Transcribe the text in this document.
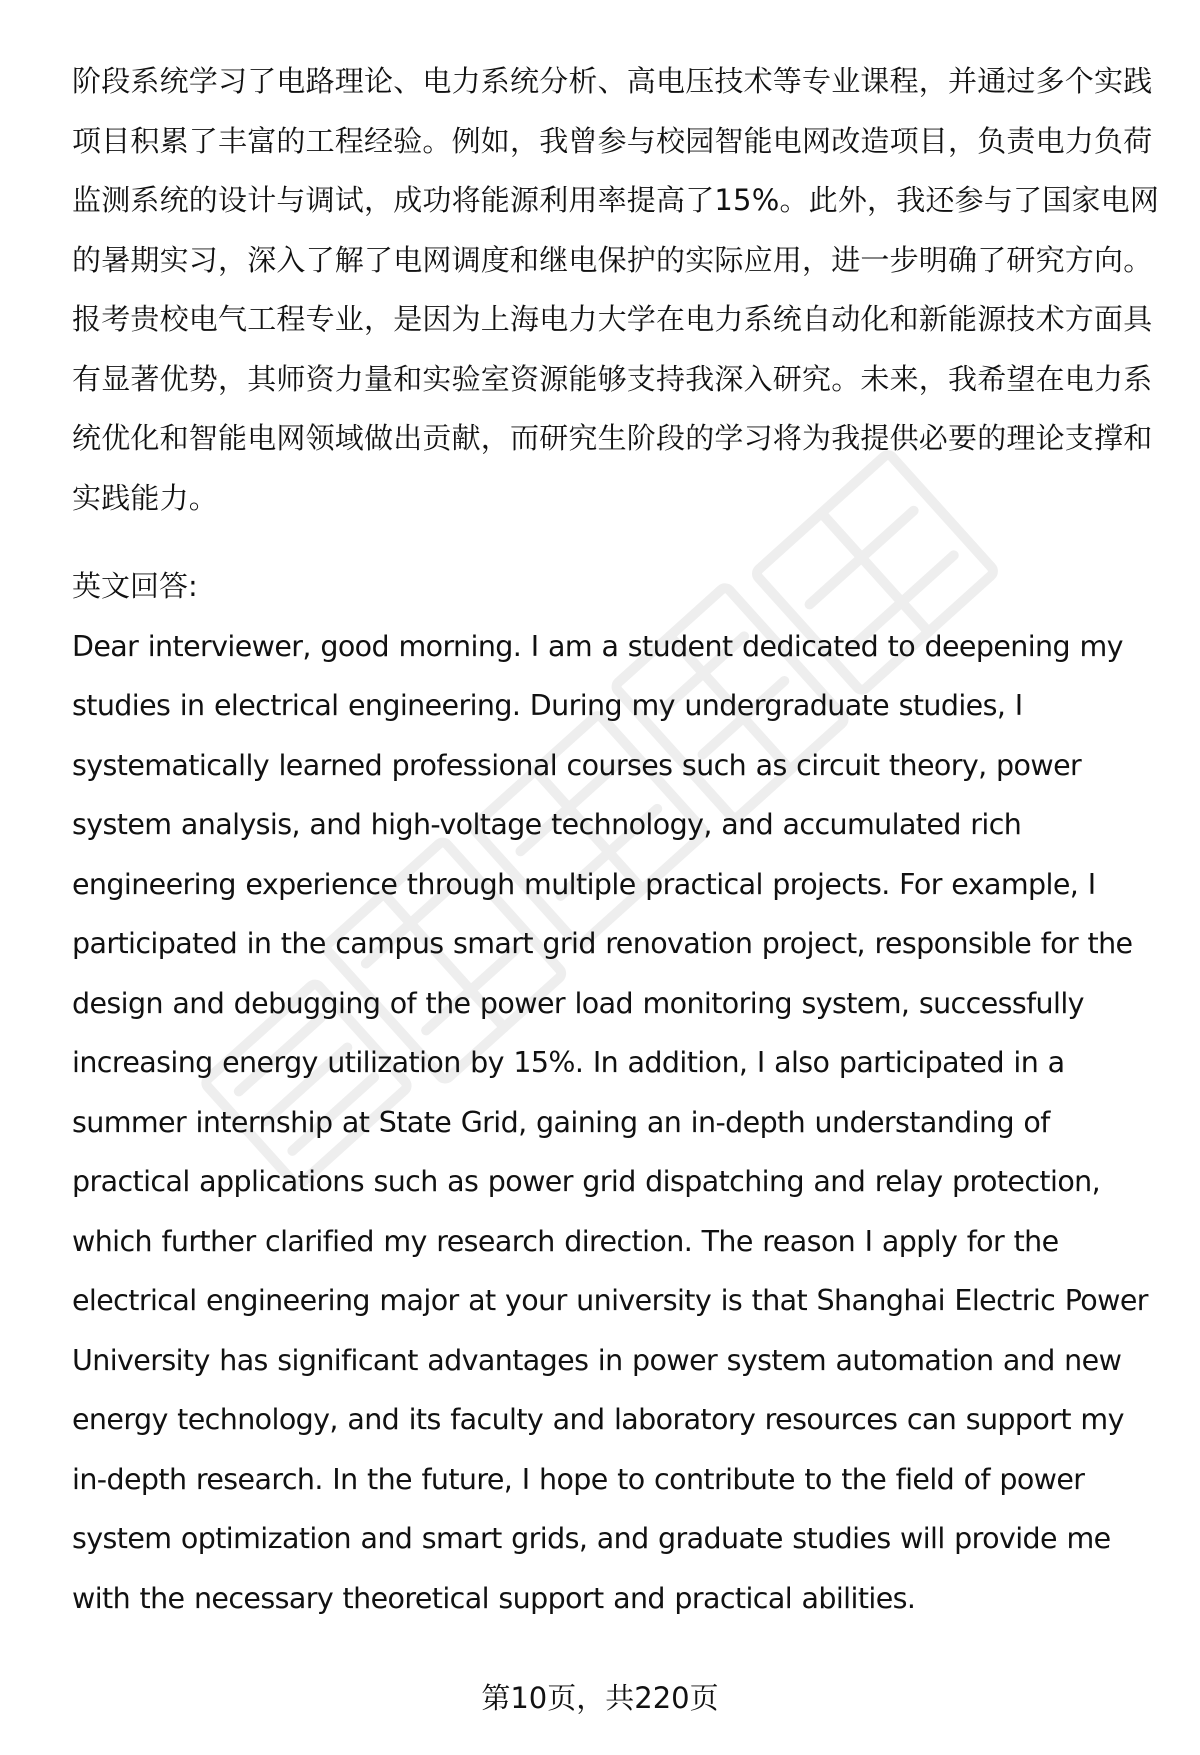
阶段系统学习了电路理论、电力系统分析、高电压技术等专业课程，并通过多个实践项目积累了丰富的工程经验。例如，我曾参与校园智能电网改造项目，负责电力负荷监测系统的设计与调试，成功将能源利用率提高了15%。此外，我还参与了国家电网的暑期实习，深入了解了电网调度和继电保护的实际应用，进一步明确了研究方向。报考贵校电气工程专业，是因为上海电力大学在电力系统自动化和新能源技术方面具有显著优势，其师资力量和实验室资源能够支持我深入研究。未来，我希望在电力系统优化和智能电网领域做出贡献，而研究生阶段的学习将为我提供必要的理论支撑和实践能力。

英文回答:

Dear interviewer, good morning. I am a student dedicated to deepening my studies in electrical engineering. During my undergraduate studies, I systematically learned professional courses such as circuit theory, power system analysis, and high-voltage technology, and accumulated rich engineering experience through multiple practical projects. For example, I participated in the campus smart grid renovation project, responsible for the design and debugging of the power load monitoring system, successfully increasing energy utilization by 15%. In addition, I also participated in a summer internship at State Grid, gaining an in-depth understanding of practical applications such as power grid dispatching and relay protection, which further clarified my research direction. The reason I apply for the electrical engineering major at your university is that Shanghai Electric Power University has significant advantages in power system automation and new energy technology, and its faculty and laboratory resources can support my in-depth research. In the future, I hope to contribute to the field of power system optimization and smart grids, and graduate studies will provide me with the necessary theoretical support and practical abilities.

第10页，共220页
